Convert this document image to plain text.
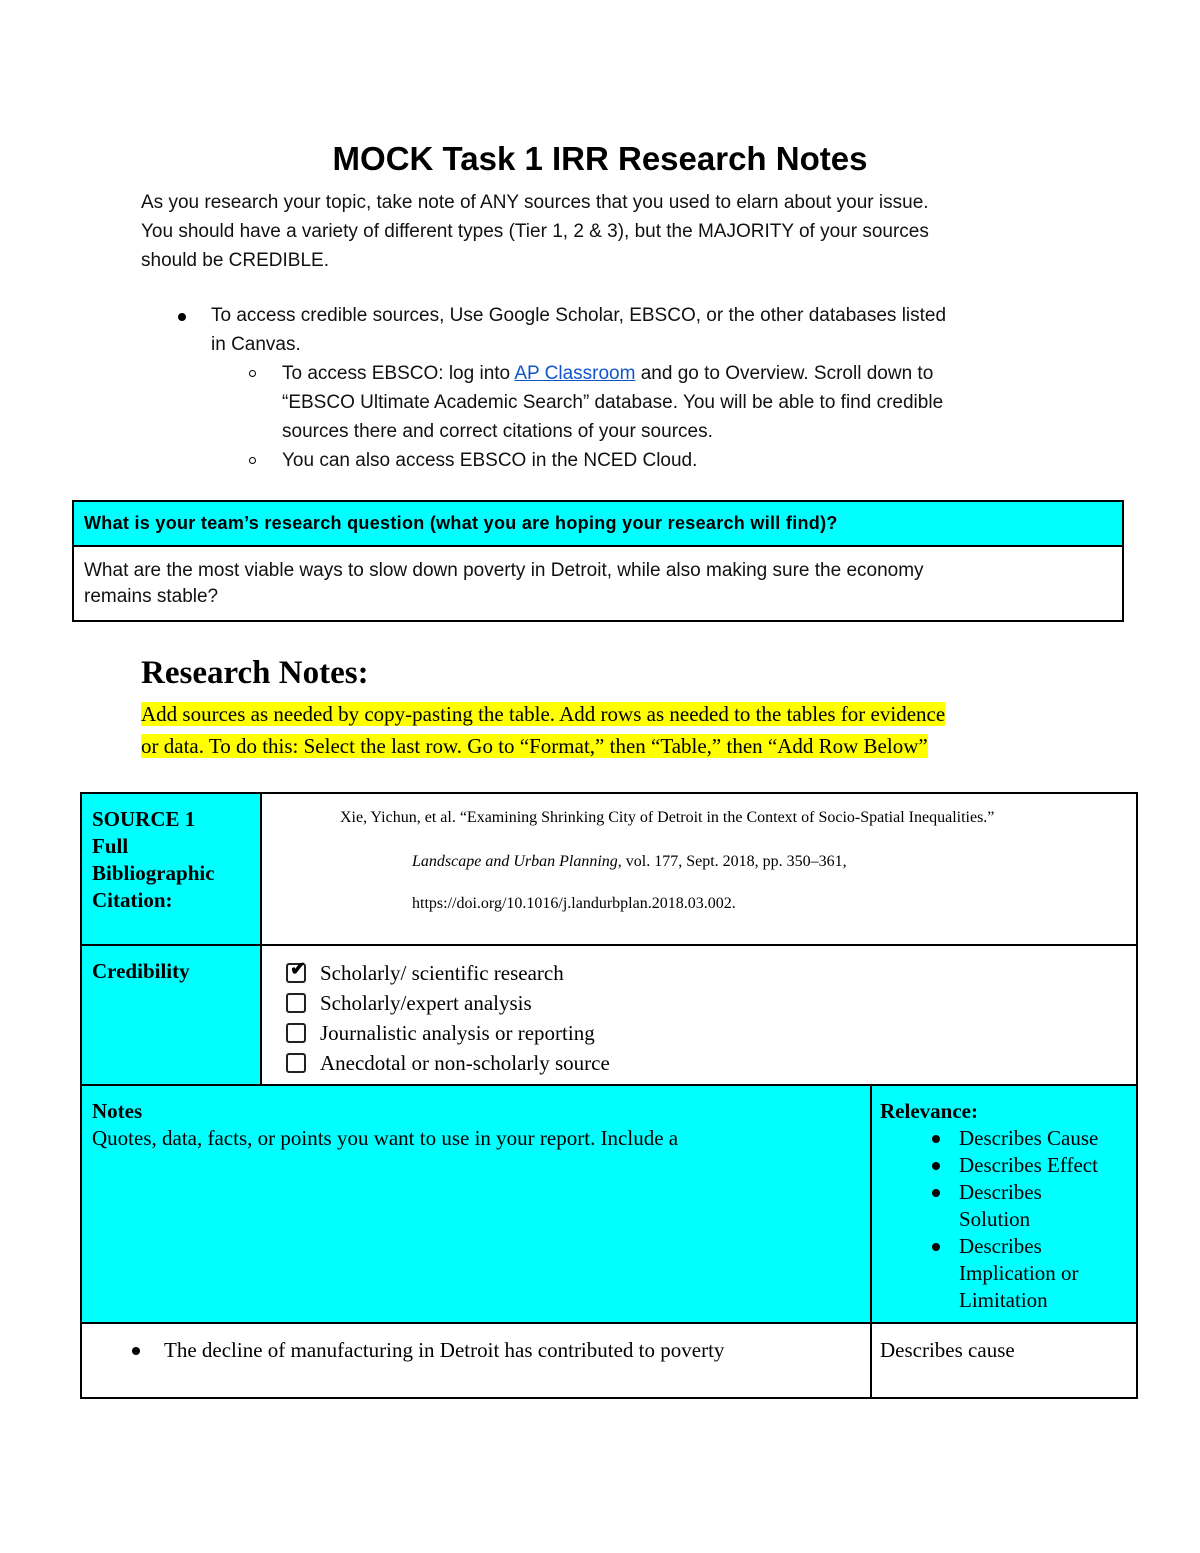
MOCK Task 1 IRR Research Notes

As you research your topic, take note of ANY sources that you used to elarn about your issue.

You should have a variety of different types (Tier 1, 2 & 3), but the MAJORITY of your sources

should be CREDIBLE.

To access credible sources, Use Google Scholar, EBSCO, or the other databases listed
in Canvas.
To access EBSCO: log into AP Classroom and go to Overview. Scroll down to
“EBSCO Ultimate Academic Search” database. You will be able to find credible
sources there and correct citations of your sources.
You can also access EBSCO in the NCED Cloud.
What is your team’s research question (what you are hoping your research will find)?
What are the most viable ways to slow down poverty in Detroit, while also making sure the economy
remains stable?
Research Notes:
Add sources as needed by copy-pasting the table. Add rows as needed to the tables for evidence
or data. To do this: Select the last row. Go to “Format,” then “Table,” then “Add Row Below”
SOURCE 1
Full
Bibliographic
Citation:
Xie, Yichun, et al. “Examining Shrinking City of Detroit in the Context of Socio-Spatial Inequalities.”
Landscape and Urban Planning, vol. 177, Sept. 2018, pp. 350–361,
https://doi.org/10.1016/j.landurbplan.2018.03.002.
Credibility	✔ Scholarly/ scientific research
Scholarly/expert analysis
Journalistic analysis or reporting
Anecdotal or non-scholarly source
Notes
Quotes, data, facts, or points you want to use in your report. Include a
Relevance:
Describes Cause
Describes Effect
Describes
Solution
Describes
Implication or
Limitation
The decline of manufacturing in Detroit has contributed to poverty	Describes cause
